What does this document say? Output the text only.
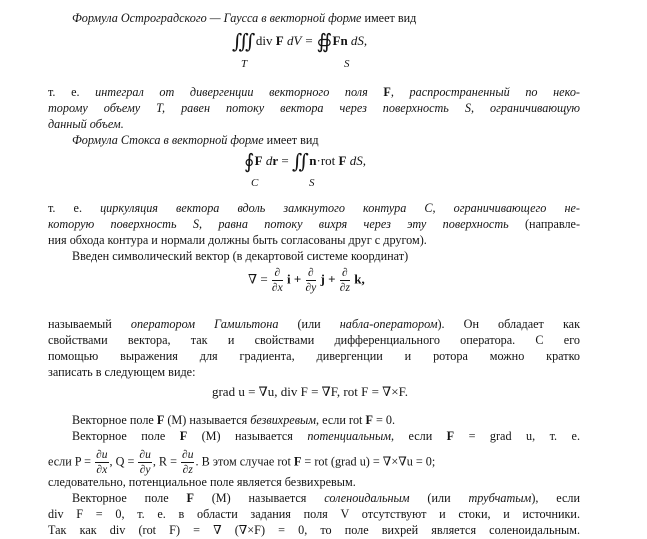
Формула Остроградского — Гаусса в векторной форме имеет вид
∭ div F dV = ∯ Fn dS,
T	S
т. е. интеграл от дивергенции векторного поля F, распространенный по неко-
торому объему T, равен потоку вектора через поверхность S, ограничивающую
данный объем.
Формула Стокса в векторной форме имеет вид
∮ F dr = ∬ n·rot F dS,
C	S
т. е. циркуляция вектора вдоль замкнутого контура C, ограничивающего не-
которую поверхность S, равна потоку вихря через эту поверхность (направле-
ния обхода контура и нормали должны быть согласованы друг с другом).
Введен символический вектор (в декартовой системе координат)
∇ = ∂
∂x
i + ∂
∂y
j + ∂
∂z
k,
называемый оператором Гамильтона (или набла-оператором). Он обладает как
свойствами вектора, так и свойствами дифференциального оператора. С его
помощью выражения для градиента, дивергенции и ротора можно кратко
записать в следующем виде:
grad u = ∇u, div F = ∇F, rot F = ∇×F.
Векторное поле F (M) называется безвихревым, если rot F = 0.
Векторное поле F (M) называется потенциальным, если F = grad u, т. е.
если $P = \frac{\partial u}{\partial x}$ , $Q = \frac{\partial u}{\partial y}$ , $R = \frac{\partial u}{\partial z}$ . В этом случае rot F = rot (grad u) = ∇×∇u = 0;
следовательно, потенциальное поле является безвихревым.
Векторное поле F (M) называется соленоидальным (или трубчатым), если
div F = 0, т. е. в области задания поля V отсутствуют и стоки, и источники.
Так как div (rot F) = ∇ (∇×F) = 0, то поле вихрей является соленоидальным.
